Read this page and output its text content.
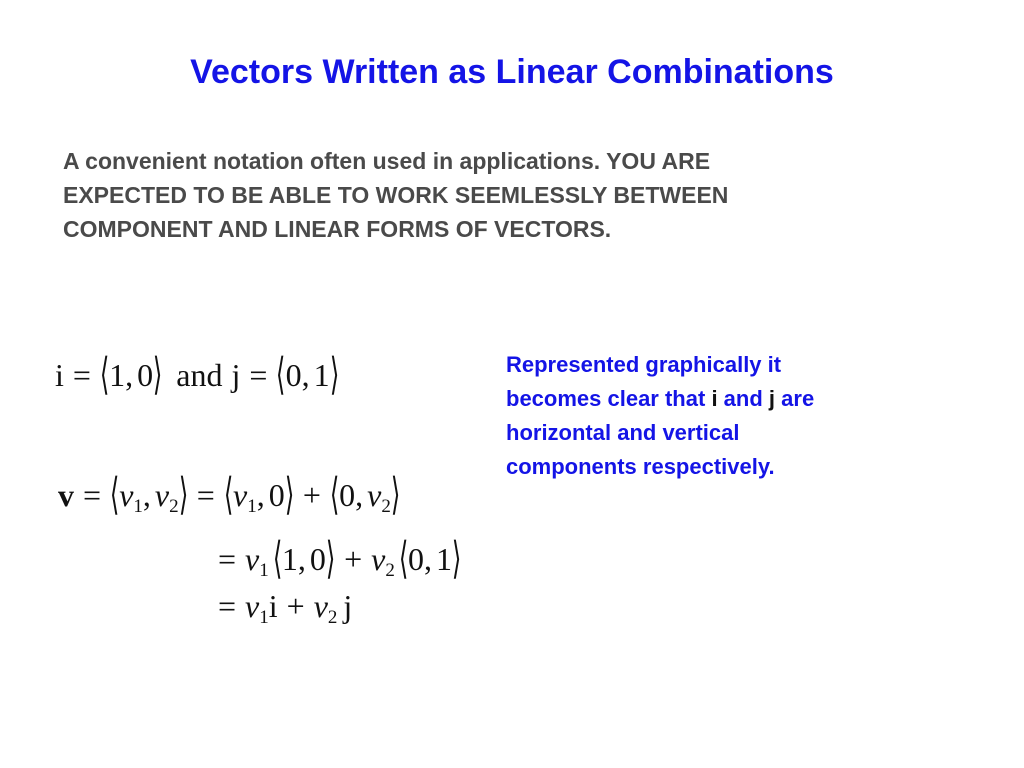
Vectors Written as Linear Combinations
A convenient notation often used in applications. YOU ARE
EXPECTED TO BE ABLE TO WORK SEEMLESSLY BETWEEN
COMPONENT AND LINEAR FORMS OF VECTORS.
i = ⟨1, 0⟩ and j = ⟨0, 1⟩
$v = ⟨v_1$, $v_2⟩$ = $⟨v_1$, 0⟩ + ⟨0, $v_2⟩$
= $v_1⟨1$, 0⟩ + $v_2⟨0$, 1⟩
= $v_1i + v_2$ j
Represented graphically it
becomes clear that i and j are
horizontal and vertical
components respectively.
